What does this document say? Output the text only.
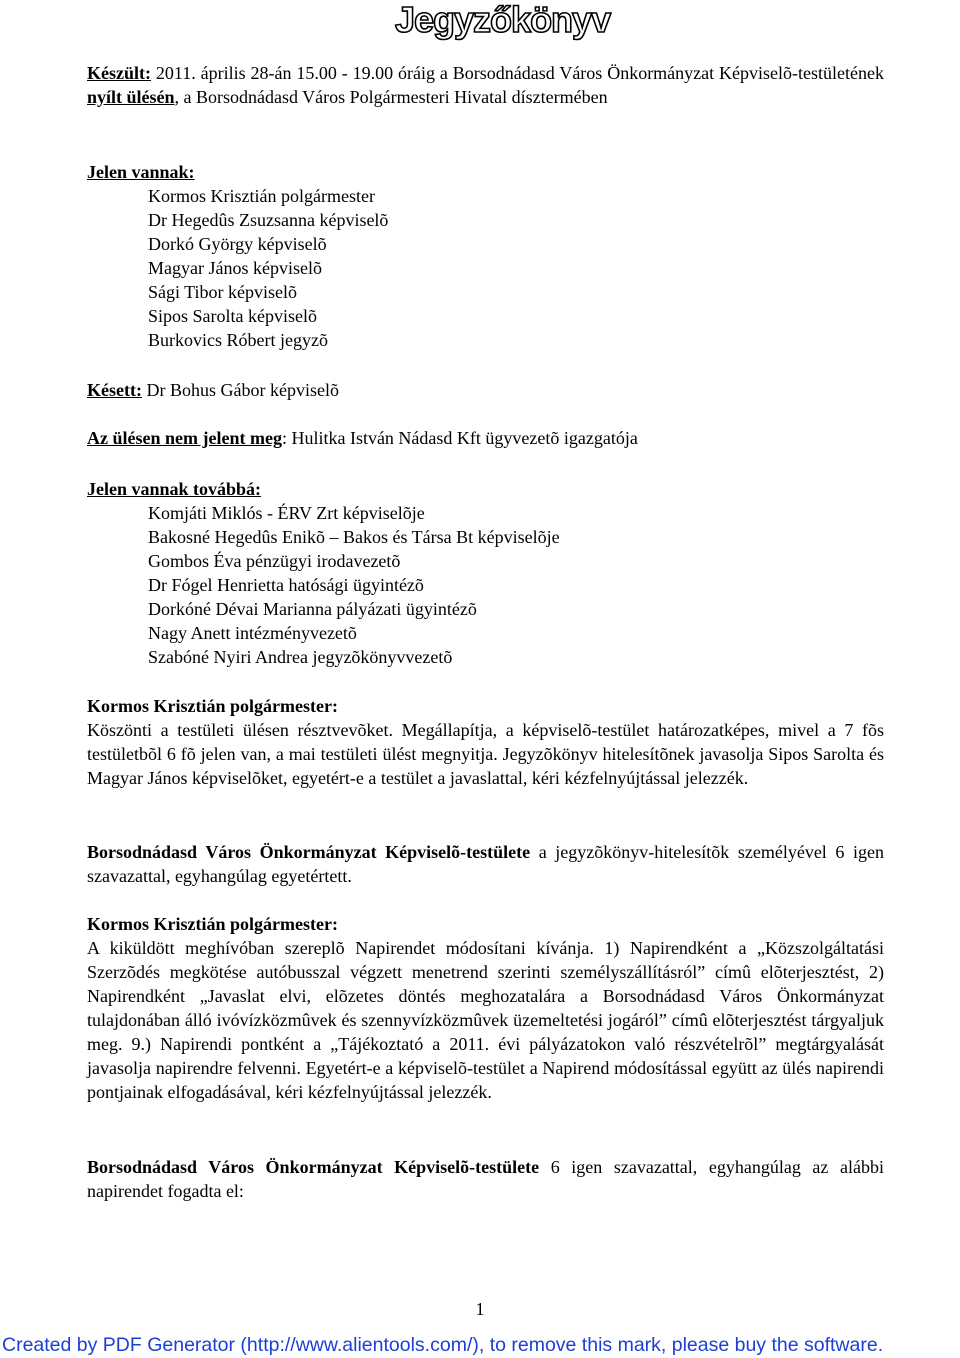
Jegyzőkönyv
Készült: 2011. április 28-án 15.00 - 19.00 óráig a Borsodnádasd Város Önkormányzat Képviselõ-testületének nyílt ülésén, a Borsodnádasd Város Polgármesteri Hivatal dísztermében
Jelen vannak:
Kormos Krisztián polgármester
Dr Hegedûs Zsuzsanna képviselõ
Dorkó György képviselõ
Magyar János képviselõ
Sági Tibor képviselõ
Sipos Sarolta képviselõ
Burkovics Róbert jegyzõ
Késett: Dr Bohus Gábor képviselõ
Az ülésen nem jelent meg: Hulitka István Nádasd Kft ügyvezetõ igazgatója
Jelen vannak továbbá:
Komjáti Miklós - ÉRV Zrt képviselõje
Bakosné Hegedûs Enikõ – Bakos és Társa Bt képviselõje
Gombos Éva pénzügyi irodavezetõ
Dr Fógel Henrietta hatósági ügyintézõ
Dorkóné Dévai Marianna pályázati ügyintézõ
Nagy Anett intézményvezetõ
Szabóné Nyiri Andrea jegyzõkönyvvezetõ
Kormos Krisztián polgármester:
Köszönti a testületi ülésen résztvevõket. Megállapítja, a képviselõ-testület határozatképes, mivel a 7 fõs testületbõl 6 fõ jelen van, a mai testületi ülést megnyitja. Jegyzõkönyv hitelesítõnek javasolja Sipos Sarolta és Magyar János képviselõket, egyetért-e a testület a javaslattal, kéri kézfelnyújtással jelezzék.
Borsodnádasd Város Önkormányzat Képviselõ-testülete a jegyzõkönyv-hitelesítõk személyével 6 igen szavazattal, egyhangúlag egyetértett.
Kormos Krisztián polgármester:
A kiküldött meghívóban szereplõ Napirendet módosítani kívánja. 1) Napirendként a „Közszolgáltatási Szerzõdés megkötése autóbusszal végzett menetrend szerinti személyszállításról” címû elõterjesztést, 2) Napirendként „Javaslat elvi, elõzetes döntés meghozatalára a Borsodnádasd Város Önkormányzat tulajdonában álló ivóvízközmûvek és szennyvízközmûvek üzemeltetési jogáról” címû elõterjesztést tárgyaljuk meg. 9.) Napirendi pontként a „Tájékoztató a 2011. évi pályázatokon való részvételrõl” megtárgyalását javasolja napirendre felvenni. Egyetért-e a képviselõ-testület a Napirend módosítással együtt az ülés napirendi pontjainak elfogadásával, kéri kézfelnyújtással jelezzék.
Borsodnádasd Város Önkormányzat Képviselõ-testülete 6 igen szavazattal, egyhangúlag az alábbi napirendet fogadta el:
1
Created by PDF Generator (http://www.alientools.com/), to remove this mark, please buy the software.
